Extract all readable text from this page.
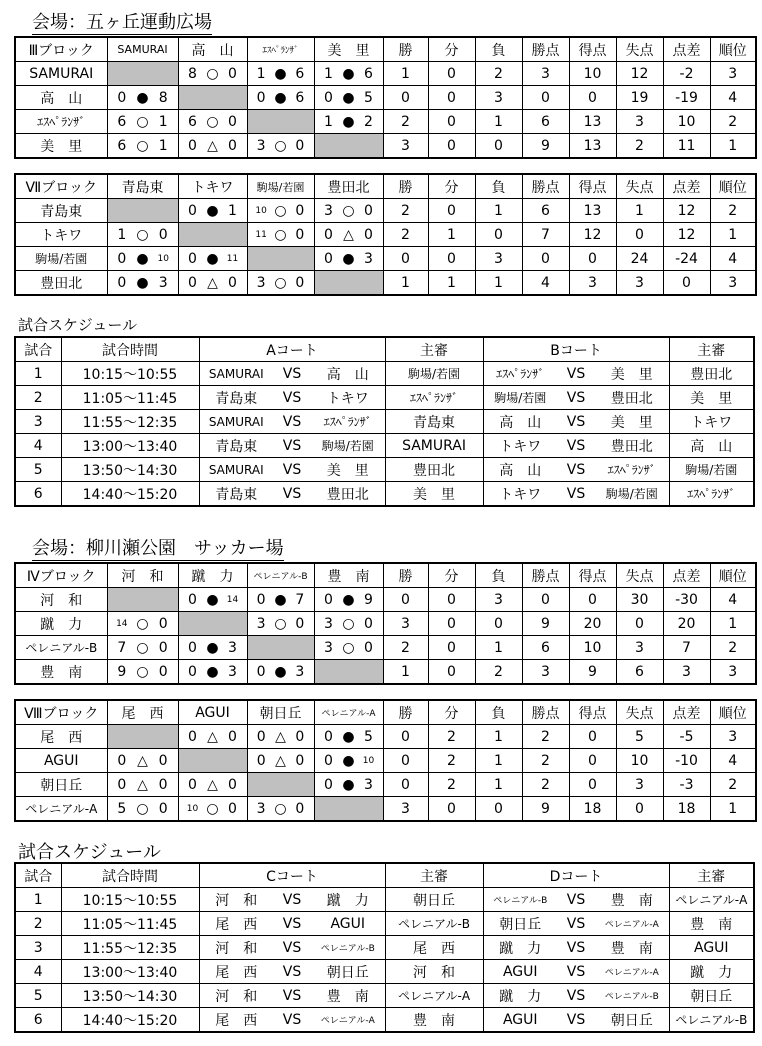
会場：五ヶ丘運動広場
Ⅲブロック	SAMURAI	高　山	ｴｽﾍﾟﾗﾝｻﾞ	美　里	勝	分	負	勝点	得点	失点	点差	順位
SAMURAI		8 ○ 0	1 ● 6	1 ● 6	1	0	2	3	10	12	-2	3
高　山	0 ● 8		0 ● 6	0 ● 5	0	0	3	0	0	19	-19	4
ｴｽﾍﾟﾗﾝｻﾞ	6 ○ 1	6 ○ 0		1 ● 2	2	0	1	6	13	3	10	2
美　里	6 ○ 1	0 △ 0	3 ○ 0		3	0	0	9	13	2	11	1
Ⅶブロック	青島東	トキワ	駒場/若園	豊田北	勝	分	負	勝点	得点	失点	点差	順位
青島東		0 ● 1	10 ○ 0	3 ○ 0	2	0	1	6	13	1	12	2
トキワ	1 ○ 0		11 ○ 0	0 △ 0	2	1	0	7	12	0	12	1
駒場/若園	0 ● 10	0 ● 11		0 ● 3	0	0	3	0	0	24	-24	4
豊田北	0 ● 3	0 △ 0	3 ○ 0		1	1	1	4	3	3	0	3
試合スケジュール
試合	試合時間	Aコート			主審	Bコート			主審
1	10:15～10:55	SAMURAI	VS	高　山	駒場/若園	ｴｽﾍﾟﾗﾝｻﾞ	VS	美　里	豊田北
2	11:05～11:45	青島東	VS	トキワ	ｴｽﾍﾟﾗﾝｻﾞ	駒場/若園	VS	豊田北	美　里
3	11:55～12:35	SAMURAI	VS	ｴｽﾍﾟﾗﾝｻﾞ	青島東	高　山	VS	美　里	トキワ
4	13:00～13:40	青島東	VS	駒場/若園	SAMURAI	トキワ	VS	豊田北	高　山
5	13:50～14:30	SAMURAI	VS	美　里	豊田北	高　山	VS	ｴｽﾍﾟﾗﾝｻﾞ	駒場/若園
6	14:40～15:20	青島東	VS	豊田北	美　里	トキワ	VS	駒場/若園	ｴｽﾍﾟﾗﾝｻﾞ
会場：柳川瀬公園　サッカー場
Ⅳブロック	河　和	蹴　力	ペレニアル-B	豊　南	勝	分	負	勝点	得点	失点	点差	順位
河　和		0 ● 14	0 ● 7	0 ● 9	0	0	3	0	0	30	-30	4
蹴　力	14 ○ 0		3 ○ 0	3 ○ 0	3	0	0	9	20	0	20	1
ペレニアル-B	7 ○ 0	0 ● 3		3 ○ 0	2	0	1	6	10	3	7	2
豊　南	9 ○ 0	0 ● 3	0 ● 3		1	0	2	3	9	6	3	3
Ⅷブロック	尾　西	AGUI	朝日丘	ペレニアル-A	勝	分	負	勝点	得点	失点	点差	順位
尾　西		0 △ 0	0 △ 0	0 ● 5	0	2	1	2	0	5	-5	3
AGUI	0 △ 0		0 △ 0	0 ● 10	0	2	1	2	0	10	-10	4
朝日丘	0 △ 0	0 △ 0		0 ● 3	0	2	1	2	0	3	-3	2
ペレニアル-A	5 ○ 0	10 ○ 0	3 ○ 0		3	0	0	9	18	0	18	1
試合スケジュール
試合	試合時間	Cコート			主審	Dコート			主審
1	10:15～10:55	河　和	VS	蹴　力	朝日丘	ペレニアル-B	VS	豊　南	ペレニアル-A
2	11:05～11:45	尾　西	VS	AGUI	ペレニアル-B	朝日丘	VS	ペレニアル-A	豊　南
3	11:55～12:35	河　和	VS	ペレニアル-B	尾　西	蹴　力	VS	豊　南	AGUI
4	13:00～13:40	尾　西	VS	朝日丘	河　和	AGUI	VS	ペレニアル-A	蹴　力
5	13:50～14:30	河　和	VS	豊　南	ペレニアル-A	蹴　力	VS	ペレニアル-B	朝日丘
6	14:40～15:20	尾　西	VS	ペレニアル-A	豊　南	AGUI	VS	朝日丘	ペレニアル-B
